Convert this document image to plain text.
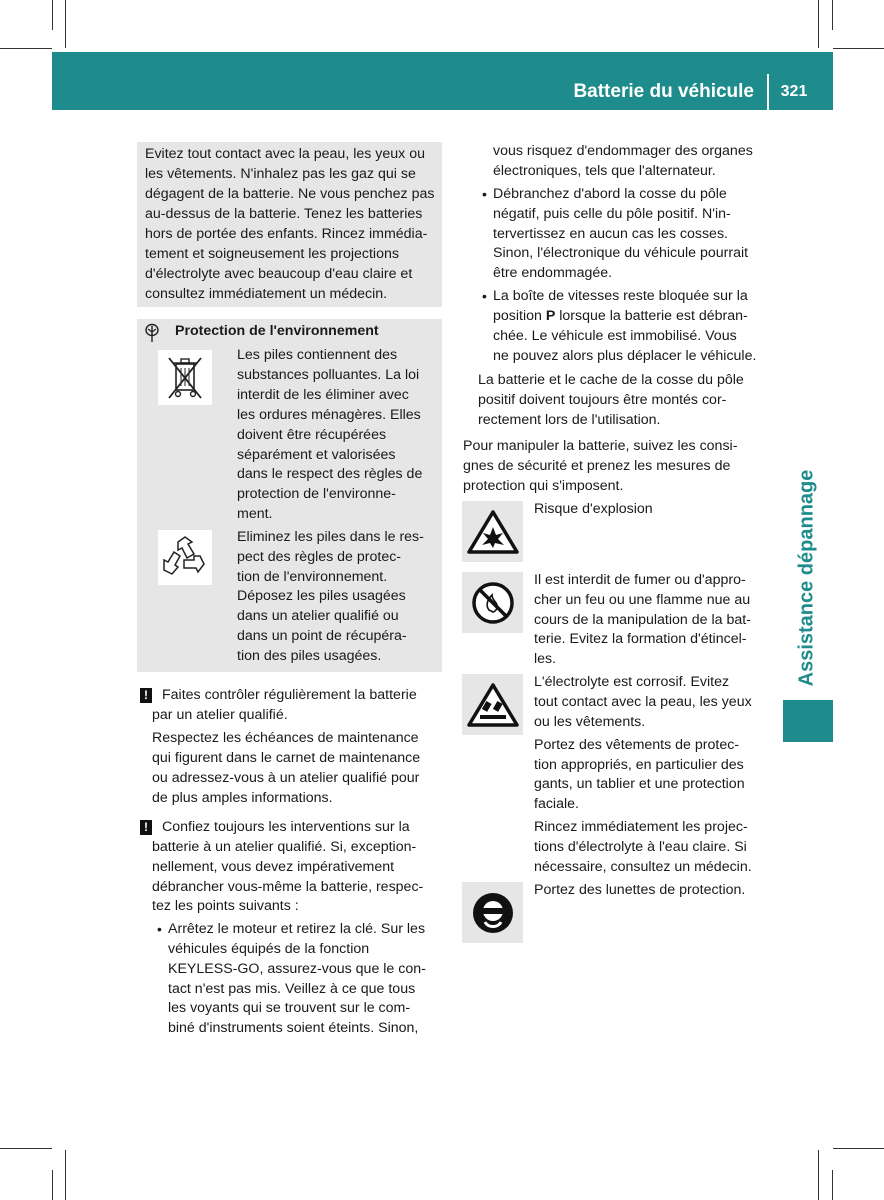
Batterie du véhicule	321
Assistance dépannage

Evitez tout contact avec la peau, les yeux ou

les vêtements. N'inhalez pas les gaz qui se

dégagent de la batterie. Ne vous penchez pas

au-dessus de la batterie. Tenez les batteries

hors de portée des enfants. Rincez immédia-

tement et soigneusement les projections

d'électrolyte avec beaucoup d'eau claire et

consultez immédiatement un médecin.

Protection de l'environnement

Les piles contiennent des

substances polluantes. La loi

interdit de les éliminer avec

les ordures ménagères. Elles

doivent être récupérées

séparément et valorisées

dans le respect des règles de

protection de l'environne-

ment.

Eliminez les piles dans le res-

pect des règles de protec-

tion de l'environnement.

Déposez les piles usagées

dans un atelier qualifié ou

dans un point de récupéra-

tion des piles usagées.

! Faites contrôler régulièrement la batterie

par un atelier qualifié.

Respectez les échéances de maintenance

qui figurent dans le carnet de maintenance

ou adressez-vous à un atelier qualifié pour

de plus amples informations.

! Confiez toujours les interventions sur la

batterie à un atelier qualifié. Si, exception-

nellement, vous devez impérativement

débrancher vous-même la batterie, respec-

tez les points suivants :

• Arrêtez le moteur et retirez la clé. Sur les

véhicules équipés de la fonction

KEYLESS-GO, assurez-vous que le con-

tact n'est pas mis. Veillez à ce que tous

les voyants qui se trouvent sur le com-

biné d'instruments soient éteints. Sinon,

vous risquez d'endommager des organes

électroniques, tels que l'alternateur.

• Débranchez d'abord la cosse du pôle

négatif, puis celle du pôle positif. N'in-

tervertissez en aucun cas les cosses.

Sinon, l'électronique du véhicule pourrait

être endommagée.

• La boîte de vitesses reste bloquée sur la

position P lorsque la batterie est débran-

chée. Le véhicule est immobilisé. Vous

ne pouvez alors plus déplacer le véhicule.

La batterie et le cache de la cosse du pôle

positif doivent toujours être montés cor-

rectement lors de l'utilisation.

Pour manipuler la batterie, suivez les consi-

gnes de sécurité et prenez les mesures de

protection qui s'imposent.

Risque d'explosion

Il est interdit de fumer ou d'appro-

cher un feu ou une flamme nue au

cours de la manipulation de la bat-

terie. Evitez la formation d'étincel-

les.

L'électrolyte est corrosif. Evitez

tout contact avec la peau, les yeux

ou les vêtements.

Portez des vêtements de protec-

tion appropriés, en particulier des

gants, un tablier et une protection

faciale.

Rincez immédiatement les projec-

tions d'électrolyte à l'eau claire. Si

nécessaire, consultez un médecin.

Portez des lunettes de protection.
